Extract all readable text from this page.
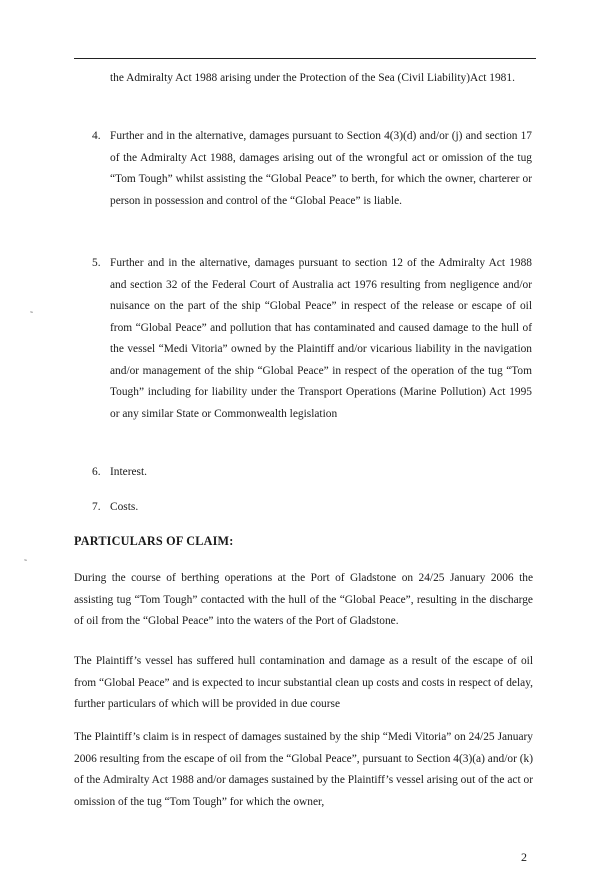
the Admiralty Act 1988 arising under the Protection of the Sea (Civil Liability)Act 1981.
4. Further and in the alternative, damages pursuant to Section 4(3)(d) and/or (j) and section 17 of the Admiralty Act 1988, damages arising out of the wrongful act or omission of the tug “Tom Tough” whilst assisting the “Global Peace” to berth, for which the owner, charterer or person in possession and control of the “Global Peace” is liable.
5. Further and in the alternative, damages pursuant to section 12 of the Admiralty Act 1988 and section 32 of the Federal Court of Australia act 1976 resulting from negligence and/or nuisance on the part of the ship “Global Peace” in respect of the release or escape of oil from “Global Peace” and pollution that has contaminated and caused damage to the hull of the vessel “Medi Vitoria” owned by the Plaintiff and/or vicarious liability in the navigation and/or management of the ship “Global Peace” in respect of the operation of the tug “Tom Tough” including for liability under the Transport Operations (Marine Pollution) Act 1995 or any similar State or Commonwealth legislation
6. Interest.
7. Costs.
PARTICULARS OF CLAIM:
During the course of berthing operations at the Port of Gladstone on 24/25 January 2006 the assisting tug “Tom Tough” contacted with the hull of the “Global Peace”, resulting in the discharge of oil from the “Global Peace” into the waters of the Port of Gladstone.
The Plaintiff’s vessel has suffered hull contamination and damage as a result of the escape of oil from “Global Peace” and is expected to incur substantial clean up costs and costs in respect of delay, further particulars of which will be provided in due course
The Plaintiff’s claim is in respect of damages sustained by the ship “Medi Vitoria” on 24/25 January 2006 resulting from the escape of oil from the “Global Peace”, pursuant to Section 4(3)(a) and/or (k) of the Admiralty Act 1988 and/or damages sustained by the Plaintiff’s vessel arising out of the act or omission of the tug “Tom Tough” for which the owner,
˷
˷
2
